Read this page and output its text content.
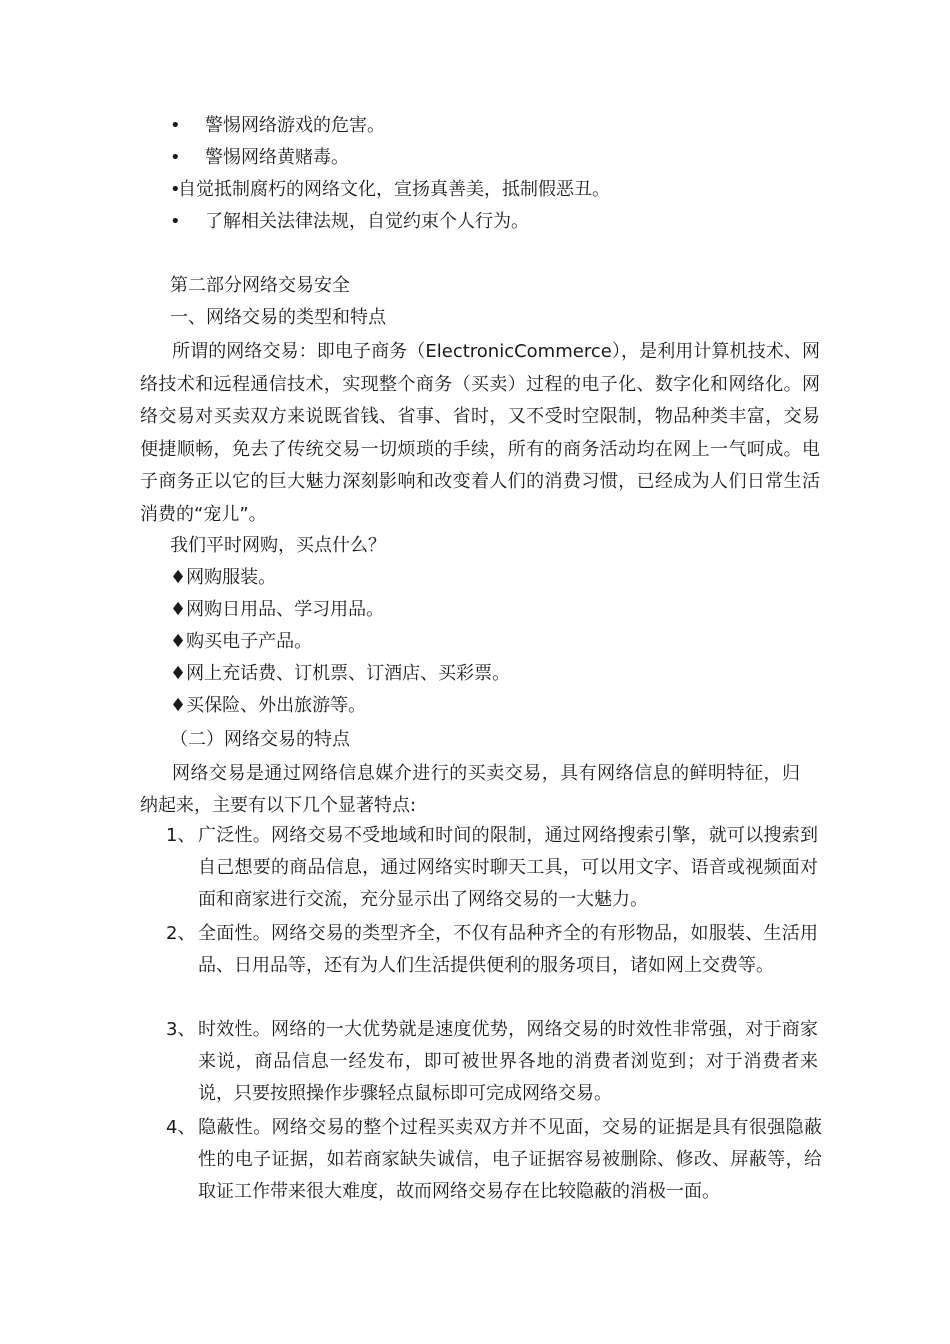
• 警惕网络游戏的危害。
• 警惕网络黄赌毒。
•
自觉抵制腐朽的网络文化，宣扬真善美，抵制假恶丑。
• 了解相关法律法规，自觉约束个人行为。
第二部分网络交易安全
一、网络交易的类型和特点
所谓的网络交易：即电子商务（ElectronicCommerce），是利用计算机技术、网络技术和远程通信技术，实现整个商务（买卖）过程的电子化、数字化和网络化。网络交易对买卖双方来说既省钱、省事、省时，又不受时空限制，物品种类丰富，交易便捷顺畅，免去了传统交易一切烦琐的手续，所有的商务活动均在网上一气呵成。电子商务正以它的巨大魅力深刻影响和改变着人们的消费习惯，已经成为人们日常生活消费的“宠儿”。
我们平时网购，买点什么？
♦网购服装。
♦网购日用品、学习用品。
♦购买电子产品。
♦网上充话费、订机票、订酒店、买彩票。
♦买保险、外出旅游等。
（二）网络交易的特点
网络交易是通过网络信息媒介进行的买卖交易，具有网络信息的鲜明特征，归纳起来，主要有以下几个显著特点:
1、 广泛性。网络交易不受地域和时间的限制，通过网络搜索引擎，就可以搜索到自己想要的商品信息，通过网络实时聊天工具，可以用文字、语音或视频面对面和商家进行交流，充分显示出了网络交易的一大魅力。
2、 全面性。网络交易的类型齐全，不仅有品种齐全的有形物品，如服装、生活用品、日用品等，还有为人们生活提供便利的服务项目，诸如网上交费等。
3、 时效性。网络的一大优势就是速度优势，网络交易的时效性非常强，对于商家来说，商品信息一经发布，即可被世界各地的消费者浏览到；对于消费者来说，只要按照操作步骤轻点鼠标即可完成网络交易。
4、 隐蔽性。网络交易的整个过程买卖双方并不见面，交易的证据是具有很强隐蔽性的电子证据，如若商家缺失诚信，电子证据容易被删除、修改、屏蔽等，给取证工作带来很大难度，故而网络交易存在比较隐蔽的消极一面。
